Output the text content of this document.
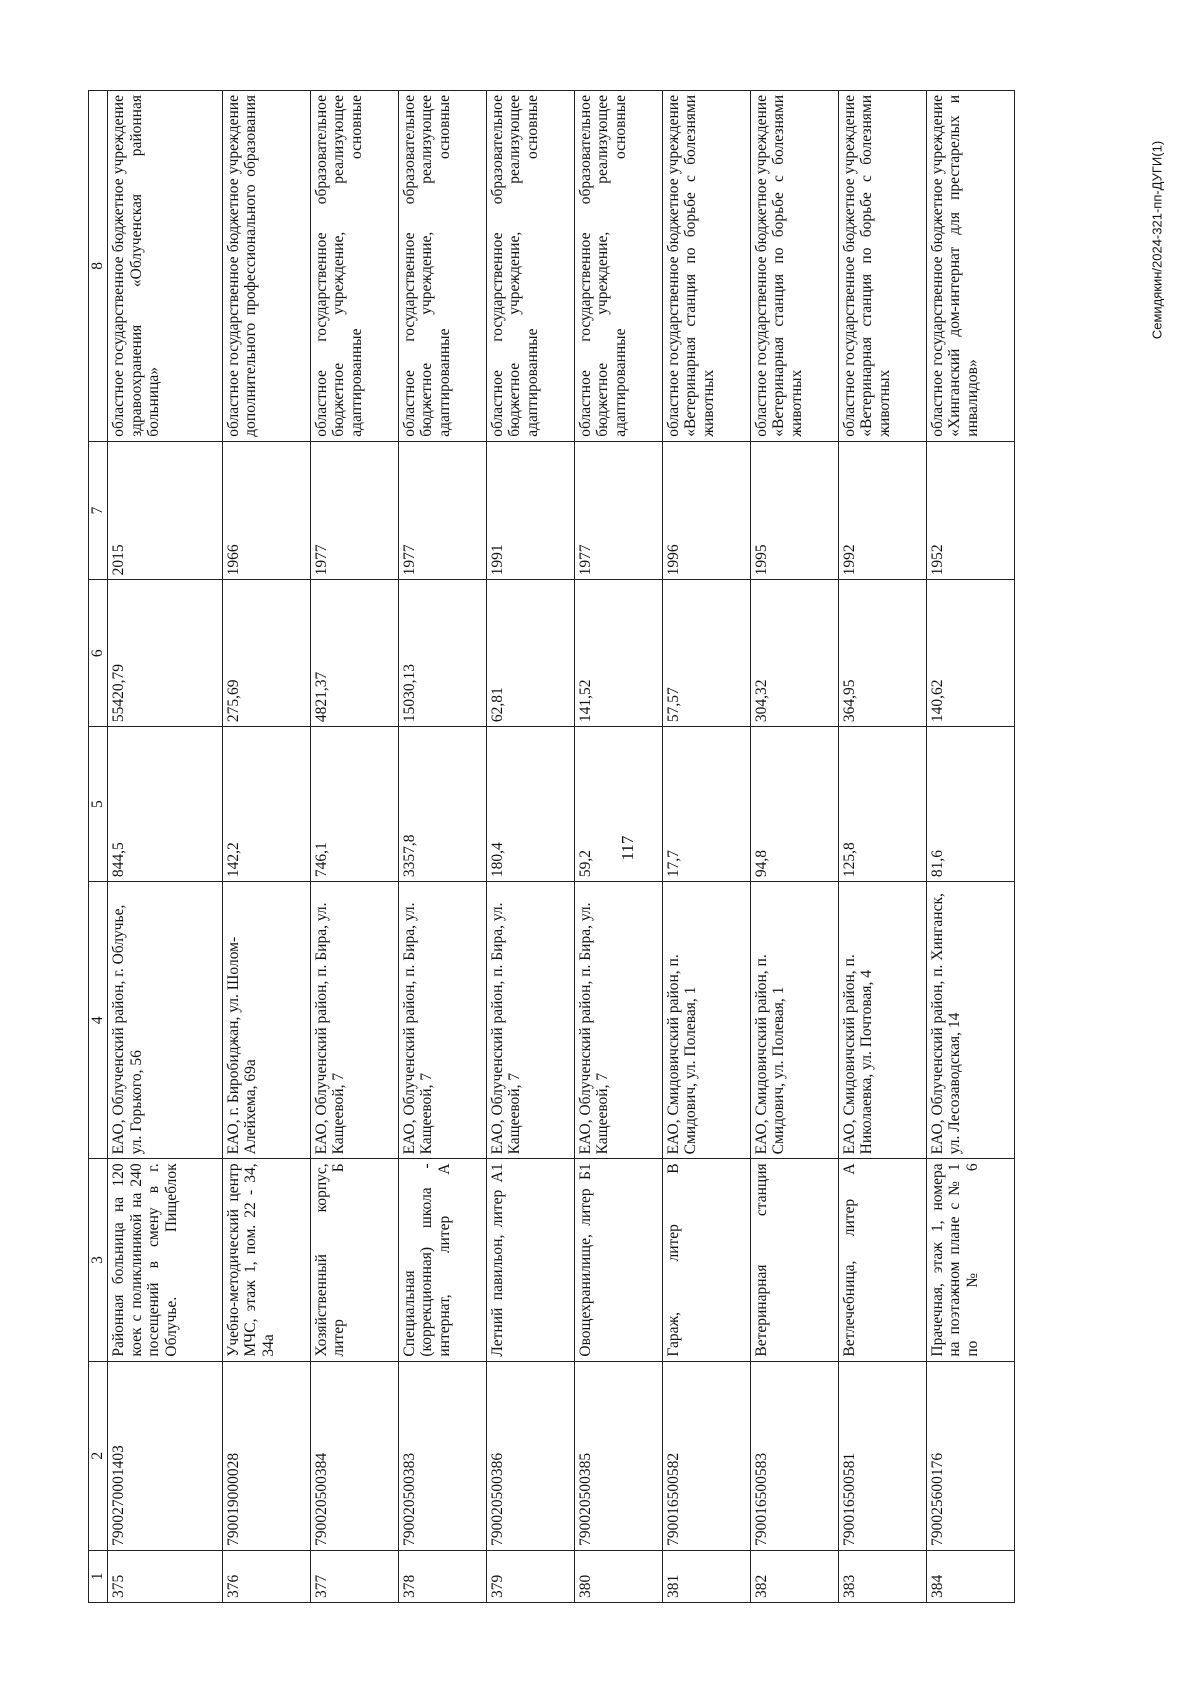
117
Семидякин/2024-321-пп-ДУГИ(1)
1	2	3	4	5	6	7	8
375	790027000140З	Районная больница на 120 коек с поликлиникой на 240 посещений в смену в г. Облучье. Пищеблок	ЕАО, Облученский район, г. Облучье, ул. Горького, 56	844,5	55420,79	2015	областное государственное бюджетное учреждение здравоохранения «Облученская районная больница»
376	790019000028	Учебно-методический центр МЧС, этаж 1, пом. 22 - 34, 34а	ЕАО, г. Биробиджан, ул. Шолом-Алейхема, 69а	142,2	275,69	1966	областное государственное бюджетное учреждение дополнительного профессионального образования
377	790020500384	Хозяйственный корпус, литер Б	ЕАО, Облученский район, п. Бира, ул. Кащеевой, 7	746,1	4821,37	1977	областное государственное образовательное бюджетное учреждение, реализующее адаптированные основные
378	790020500383	Специальная (коррекционная) школа - интернат, литер А	ЕАО, Облученский район, п. Бира, ул. Кащеевой, 7	3357,8	15030,13	1977	областное государственное образовательное бюджетное учреждение, реализующее адаптированные основные
379	790020500386	Летний павильон, литер А1	ЕАО, Облученский район, п. Бира, ул. Кащеевой, 7	180,4	62,81	1991	областное государственное образовательное бюджетное учреждение, реализующее адаптированные основные
380	790020500385	Овощехранилище, литер Б1	ЕАО, Облученский район, п. Бира, ул. Кащеевой, 7	59,2	141,52	1977	областное государственное образовательное бюджетное учреждение, реализующее адаптированные основные
381	790016500582	Гараж, литер В	ЕАО, Смидовичский район, п. Смидович, ул. Полевая, 1	17,7	57,57	1996	областное государственное бюджетное учреждение «Ветеринарная станция по борьбе с болезнями животных
382	790016500583	Ветеринарная станция	ЕАО, Смидовичский район, п. Смидович, ул. Полевая, 1	94,8	304,32	1995	областное государственное бюджетное учреждение «Ветеринарная станция по борьбе с болезнями животных
383	790016500581	Ветлечебница, литер А	ЕАО, Смидовичский район, п. Николаевка, ул. Почтовая, 4	125,8	364,95	1992	областное государственное бюджетное учреждение «Ветеринарная станция по борьбе с болезнями животных
384	790025600176	Прачечная, этаж 1, номера на поэтажном плане с № 1 по № 6	ЕАО, Облученский район, п. Хинганск, ул. Лесозаводская, 14	81,6	140,62	1952	областное государственное бюджетное учреждение «Хинганский дом-интернат для престарелых и инвалидов»
